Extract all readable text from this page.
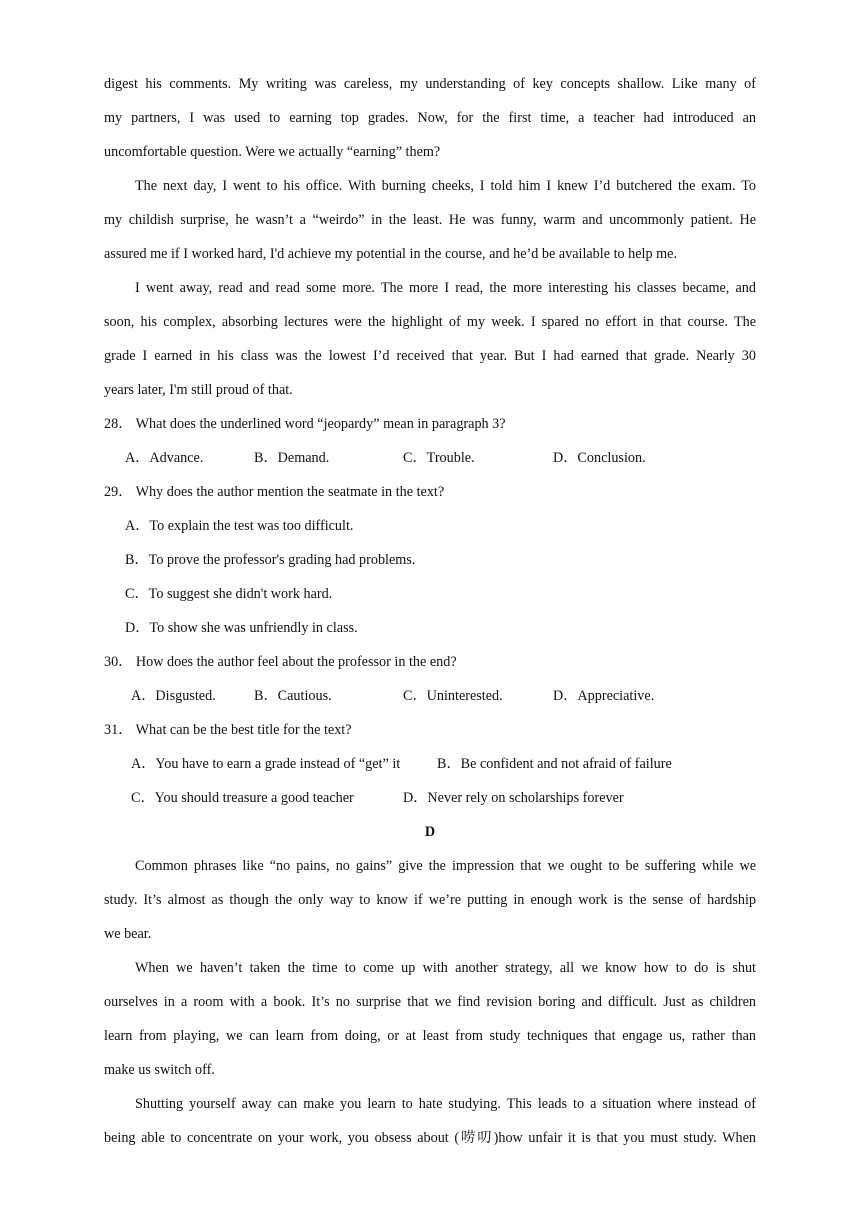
digest his comments. My writing was careless, my understanding of key concepts shallow. Like many of
my partners, I was used to earning top grades. Now, for the first time, a teacher had introduced an
uncomfortable question. Were we actually “earning” them?
The next day, I went to his office. With burning cheeks, I told him I knew I’d butchered the exam. To
my childish surprise, he wasn’t a “weirdo” in the least. He was funny, warm and uncommonly patient. He
assured me if I worked hard, I'd achieve my potential in the course, and he’d be available to help me.
I went away, read and read some more. The more I read, the more interesting his classes became, and
soon, his complex, absorbing lectures were the highlight of my week. I spared no effort in that course. The
grade I earned in his class was the lowest I’d received that year. But I had earned that grade. Nearly 30
years later, I'm still proud of that.
28． What does the underlined word “jeopardy” mean in paragraph 3?
A．Advance.	B．Demand.	C．Trouble.	D．Conclusion.
29． Why does the author mention the seatmate in the text?
A．To explain the test was too difficult.
B．To prove the professor's grading had problems.
C．To suggest she didn't work hard.
D．To show she was unfriendly in class.
30． How does the author feel about the professor in the end?
A．Disgusted.	B．Cautious.	C．Uninterested.	D．Appreciative.
31． What can be the best title for the text?
A．You have to earn a grade instead of “get” it	B．Be confident and not afraid of failure
C．You should treasure a good teacher	D．Never rely on scholarships forever
D
Common phrases like “no pains, no gains” give the impression that we ought to be suffering while we
study. It’s almost as though the only way to know if we’re putting in enough work is the sense of hardship
we bear.
When we haven’t taken the time to come up with another strategy, all we know how to do is shut
ourselves in a room with a book. It’s no surprise that we find revision boring and difficult. Just as children
learn from playing, we can learn from doing, or at least from study techniques that engage us, rather than
make us switch off.
Shutting yourself away can make you learn to hate studying. This leads to a situation where instead of
being able to concentrate on your work, you obsess about (唠叨)how unfair it is that you must study. When
